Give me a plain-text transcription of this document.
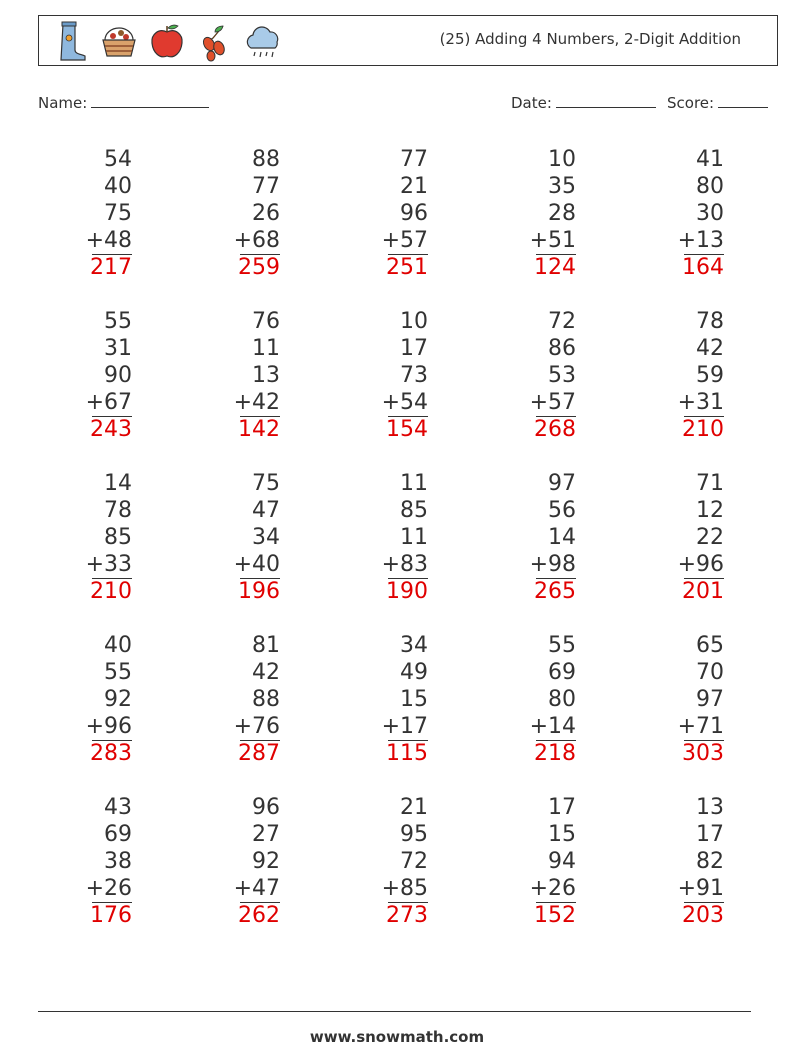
(25) Adding 4 Numbers, 2-Digit Addition
Name:	Date:	Score:
54
40
75
+48
217
88
77
26
+68
259
77
21
96
+57
251
10
35
28
+51
124
41
80
30
+13
164
55
31
90
+67
243
76
11
13
+42
142
10
17
73
+54
154
72
86
53
+57
268
78
42
59
+31
210
14
78
85
+33
210
75
47
34
+40
196
11
85
11
+83
190
97
56
14
+98
265
71
12
22
+96
201
40
55
92
+96
283
81
42
88
+76
287
34
49
15
+17
115
55
69
80
+14
218
65
70
97
+71
303
43
69
38
+26
176
96
27
92
+47
262
21
95
72
+85
273
17
15
94
+26
152
13
17
82
+91
203
www.snowmath.com
